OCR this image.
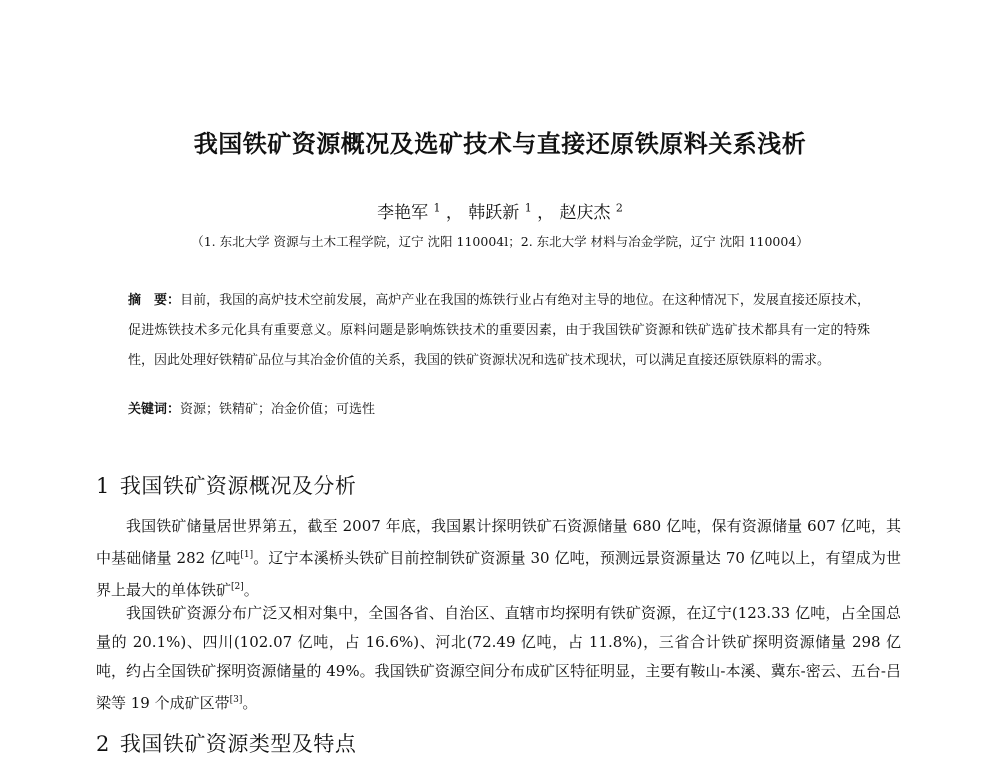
我国铁矿资源概况及选矿技术与直接还原铁原料关系浅析
李艳军 $^1$ ， 韩跃新 $^1$ ， 赵庆杰 $^2$
（1. 东北大学 资源与土木工程学院，辽宁 沈阳 110004l；2. 东北大学 材料与冶金学院，辽宁 沈阳 110004）
摘　要：目前，我国的高炉技术空前发展，高炉产业在我国的炼铁行业占有绝对主导的地位。在这种情况下，发展直接还原技术，促进炼铁技术多元化具有重要意义。原料问题是影响炼铁技术的重要因素，由于我国铁矿资源和铁矿选矿技术都具有一定的特殊性，因此处理好铁精矿品位与其冶金价值的关系，我国的铁矿资源状况和选矿技术现状，可以满足直接还原铁原料的需求。
关键词：资源；铁精矿；冶金价值；可选性
1 我国铁矿资源概况及分析

我国铁矿储量居世界第五，截至 2007 年底，我国累计探明铁矿石资源储量 680 亿吨，保有资源储量 607 亿吨，其中基础储量 282 亿吨[1]。辽宁本溪桥头铁矿目前控制铁矿资源量 30 亿吨，预测远景资源量达 70 亿吨以上，有望成为世界上最大的单体铁矿[2]。

我国铁矿资源分布广泛又相对集中，全国各省、自治区、直辖市均探明有铁矿资源，在辽宁(123.33 亿吨，占全国总量的 20.1%)、四川(102.07 亿吨，占 16.6%)、河北(72.49 亿吨，占 11.8%)，三省合计铁矿探明资源储量 298 亿吨，约占全国铁矿探明资源储量的 49%。我国铁矿资源空间分布成矿区特征明显，主要有鞍山-本溪、冀东-密云、五台-吕梁等 19 个成矿区带[3]。

2 我国铁矿资源类型及特点
